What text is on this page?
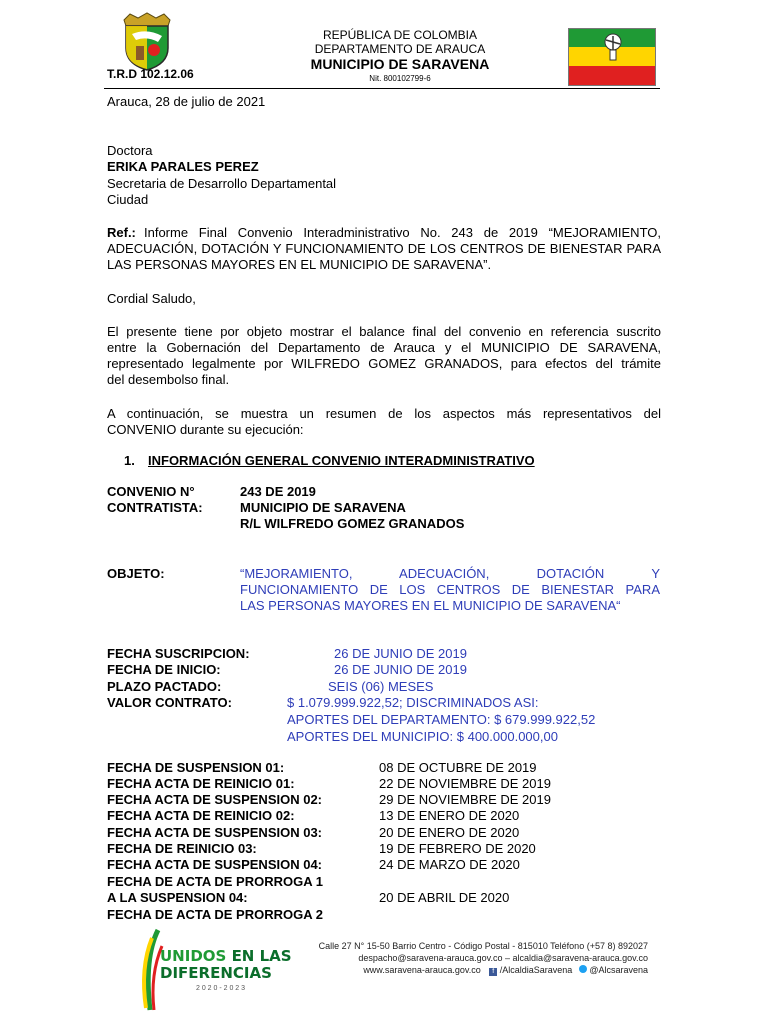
T.R.D 102.12.06
REPÚBLICA DE COLOMBIA
DEPARTAMENTO DE ARAUCA
MUNICIPIO DE SARAVENA
Nit. 800102799-6
Arauca, 28 de julio de 2021
Doctora
ERIKA PARALES PEREZ
Secretaria de Desarrollo Departamental
Ciudad
Ref.: Informe Final Convenio Interadministrativo No. 243 de 2019 “MEJORAMIENTO,
ADECUACIÓN, DOTACIÓN Y FUNCIONAMIENTO DE LOS CENTROS DE BIENESTAR PARA
LAS PERSONAS MAYORES EN EL MUNICIPIO DE SARAVENA”.
Cordial Saludo,
El presente tiene por objeto mostrar el balance final del convenio en referencia suscrito
entre la Gobernación del Departamento de Arauca y el MUNICIPIO DE SARAVENA,
representado legalmente por WILFREDO GOMEZ GRANADOS, para efectos del trámite
del desembolso final.
A continuación, se muestra un resumen de los aspectos más representativos del
CONVENIO durante su ejecución:
1. INFORMACIÓN GENERAL CONVENIO INTERADMINISTRATIVO
CONVENIO N°	243 DE 2019
CONTRATISTA:	MUNICIPIO DE SARAVENA
R/L WILFREDO GOMEZ GRANADOS
OBJETO:	“MEJORAMIENTO, ADECUACIÓN, DOTACIÓN Y
FUNCIONAMIENTO DE LOS CENTROS DE BIENESTAR PARA
LAS PERSONAS MAYORES EN EL MUNICIPIO DE SARAVENA“
FECHA SUSCRIPCION:	26 DE JUNIO DE 2019
FECHA DE INICIO:	26 DE JUNIO DE 2019
PLAZO PACTADO:	SEIS (06) MESES
VALOR CONTRATO:	$ 1.079.999.922,52; DISCRIMINADOS ASI:
APORTES DEL DEPARTAMENTO: $ 679.999.922,52
APORTES DEL MUNICIPIO: $ 400.000.000,00
FECHA DE SUSPENSION 01:	08 DE OCTUBRE DE 2019
FECHA ACTA DE REINICIO 01:	22 DE NOVIEMBRE DE 2019
FECHA ACTA DE SUSPENSION 02:	29 DE NOVIEMBRE DE 2019
FECHA ACTA DE REINICIO 02:	13 DE ENERO DE 2020
FECHA ACTA DE SUSPENSION 03:	20 DE ENERO DE 2020
FECHA DE REINICIO 03:	19 DE FEBRERO DE 2020
FECHA ACTA DE SUSPENSION 04:	24 DE MARZO DE 2020
FECHA DE ACTA DE PRORROGA 1
A LA SUSPENSION 04:	20 DE ABRIL DE 2020
FECHA DE ACTA DE PRORROGA 2
UNIDOS EN LAS
DIFERENCIAS
2 0 2 0 - 2 0 2 3
Calle 27 N° 15-50 Barrio Centro - Código Postal - 815010 Teléfono (+57 8) 892027
despacho@saravena-arauca.gov.co – alcaldia@saravena-arauca.gov.co
www.saravena-arauca.gov.co f /AlcaldiaSaravena @Alcsaravena
